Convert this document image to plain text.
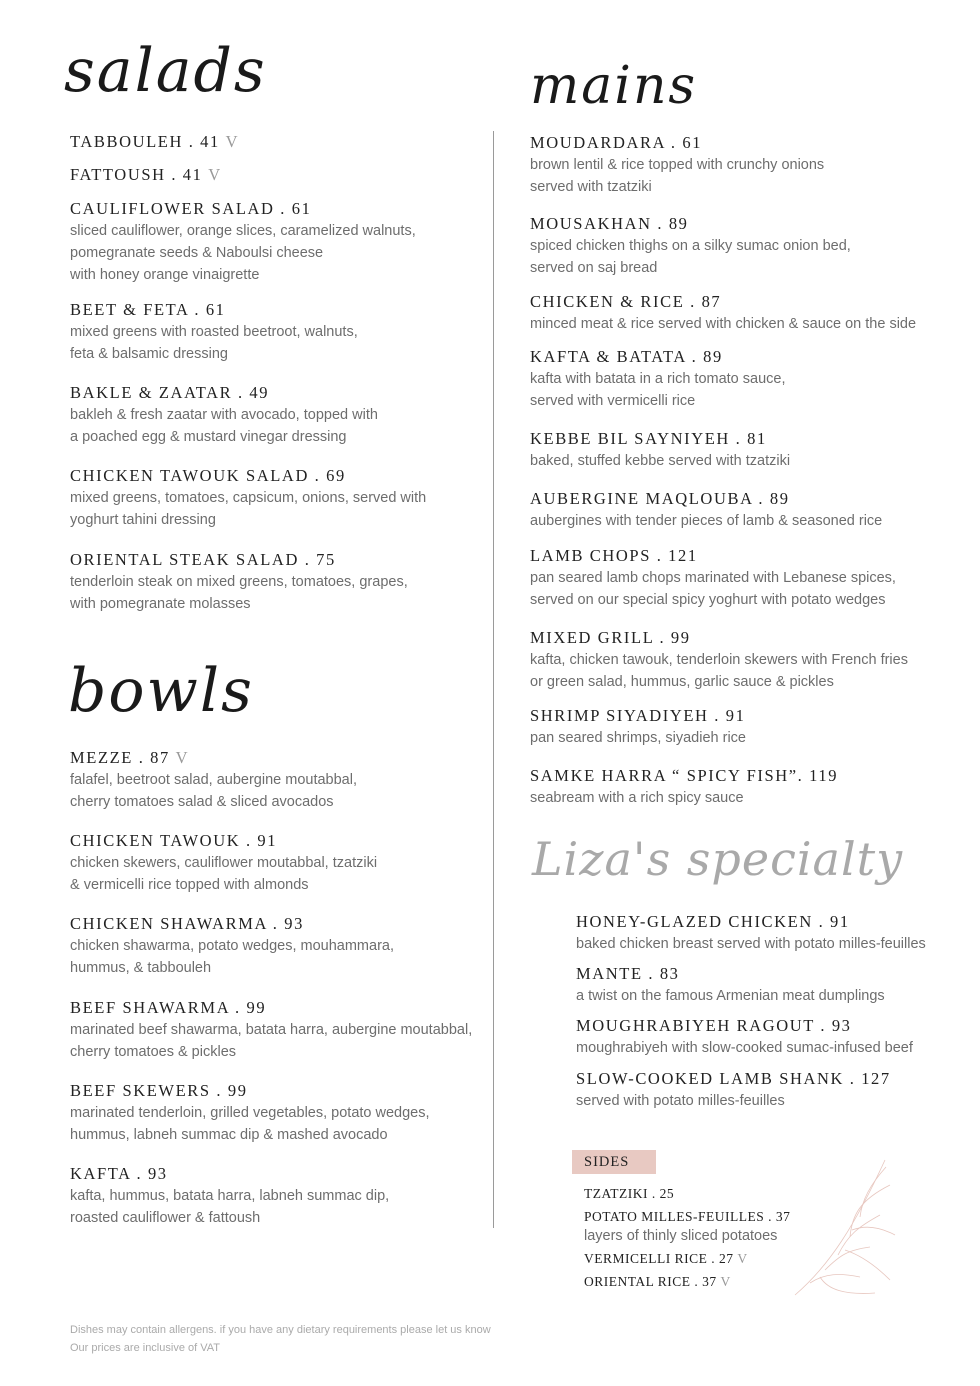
salads	mains
bowls
Liza's specialty
TABBOULEH . 41 V
FATTOUSH . 41 V
CAULIFLOWER SALAD . 61
sliced cauliflower, orange slices, caramelized walnuts,
pomegranate seeds & Naboulsi cheese
with honey orange vinaigrette
BEET & FETA . 61
mixed greens with roasted beetroot, walnuts,
feta & balsamic dressing
BAKLE & ZAATAR . 49
bakleh & fresh zaatar with avocado, topped with
a poached egg & mustard vinegar dressing
CHICKEN TAWOUK SALAD . 69
mixed greens, tomatoes, capsicum, onions, served with
yoghurt tahini dressing
ORIENTAL STEAK SALAD . 75
tenderloin steak on mixed greens, tomatoes, grapes,
with pomegranate molasses
MEZZE . 87 V
falafel, beetroot salad, aubergine moutabbal,
cherry tomatoes salad & sliced avocados
CHICKEN TAWOUK . 91
chicken skewers, cauliflower moutabbal, tzatziki
& vermicelli rice topped with almonds
CHICKEN SHAWARMA . 93
chicken shawarma, potato wedges, mouhammara,
hummus, & tabbouleh
BEEF SHAWARMA . 99
marinated beef shawarma, batata harra, aubergine moutabbal,
cherry tomatoes & pickles
BEEF SKEWERS . 99
marinated tenderloin, grilled vegetables, potato wedges,
hummus, labneh summac dip & mashed avocado
KAFTA . 93
kafta, hummus, batata harra, labneh summac dip,
roasted cauliflower & fattoush
MOUDARDARA . 61
brown lentil & rice topped with crunchy onions
served with tzatziki
MOUSAKHAN . 89
spiced chicken thighs on a silky sumac onion bed,
served on saj bread
CHICKEN & RICE . 87
minced meat & rice served with chicken & sauce on the side
KAFTA & BATATA . 89
kafta with batata in a rich tomato sauce,
served with vermicelli rice
KEBBE BIL SAYNIYEH . 81
baked, stuffed kebbe served with tzatziki
AUBERGINE MAQLOUBA . 89
aubergines with tender pieces of lamb & seasoned rice
LAMB CHOPS . 121
pan seared lamb chops marinated with Lebanese spices,
served on our special spicy yoghurt with potato wedges
MIXED GRILL . 99
kafta, chicken tawouk, tenderloin skewers with French fries
or green salad, hummus, garlic sauce & pickles
SHRIMP SIYADIYEH . 91
pan seared shrimps, siyadieh rice
SAMKE HARRA “ SPICY FISH”. 119
seabream with a rich spicy sauce
HONEY-GLAZED CHICKEN . 91
baked chicken breast served with potato milles-feuilles
MANTE . 83
a twist on the famous Armenian meat dumplings
MOUGHRABIYEH RAGOUT . 93
moughrabiyeh with slow-cooked sumac-infused beef
SLOW-COOKED LAMB SHANK . 127
served with potato milles-feuilles
SIDES
TZATZIKI . 25
POTATO MILLES-FEUILLES . 37
layers of thinly sliced potatoes
VERMICELLI RICE . 27 V
ORIENTAL RICE . 37 V
Dishes may contain allergens. if you have any dietary requirements please let us know
Our prices are inclusive of VAT
